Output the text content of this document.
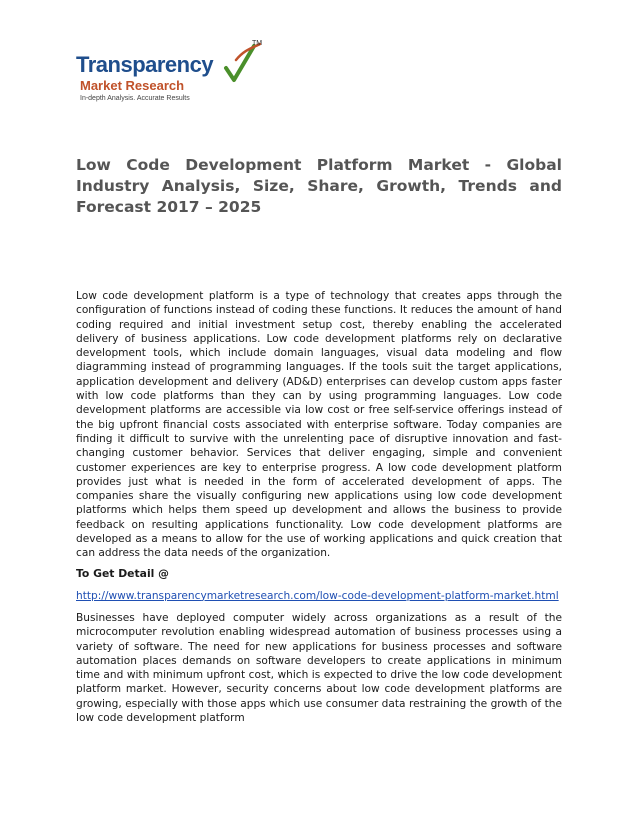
Transparency
Market Research
In-depth Analysis. Accurate Results
TM
Low Code Development Platform Market - Global Industry Analysis, Size, Share, Growth, Trends and Forecast 2017 – 2025

Low code development platform is a type of technology that creates apps through the configuration of functions instead of coding these functions. It reduces the amount of hand coding required and initial investment setup cost, thereby enabling the accelerated delivery of business applications. Low code development platforms rely on declarative development tools, which include domain languages, visual data modeling and flow diagramming instead of programming languages. If the tools suit the target applications, application development and delivery (AD&D) enterprises can develop custom apps faster with low code platforms than they can by using programming languages. Low code development platforms are accessible via low cost or free self-service offerings instead of the big upfront financial costs associated with enterprise software. Today companies are finding it difficult to survive with the unrelenting pace of disruptive innovation and fast-changing customer behavior. Services that deliver engaging, simple and convenient customer experiences are key to enterprise progress. A low code development platform provides just what is needed in the form of accelerated development of apps. The companies share the visually configuring new applications using low code development platforms which helps them speed up development and allows the business to provide feedback on resulting applications functionality. Low code development platforms are developed as a means to allow for the use of working applications and quick creation that can address the data needs of the organization.

To Get Detail @

http://www.transparencymarketresearch.com/low-code-development-platform-market.html

Businesses have deployed computer widely across organizations as a result of the microcomputer revolution enabling widespread automation of business processes using a variety of software. The need for new applications for business processes and software automation places demands on software developers to create applications in minimum time and with minimum upfront cost, which is expected to drive the low code development platform market. However, security concerns about low code development platforms are growing, especially with those apps which use consumer data restraining the growth of the low code development platform
